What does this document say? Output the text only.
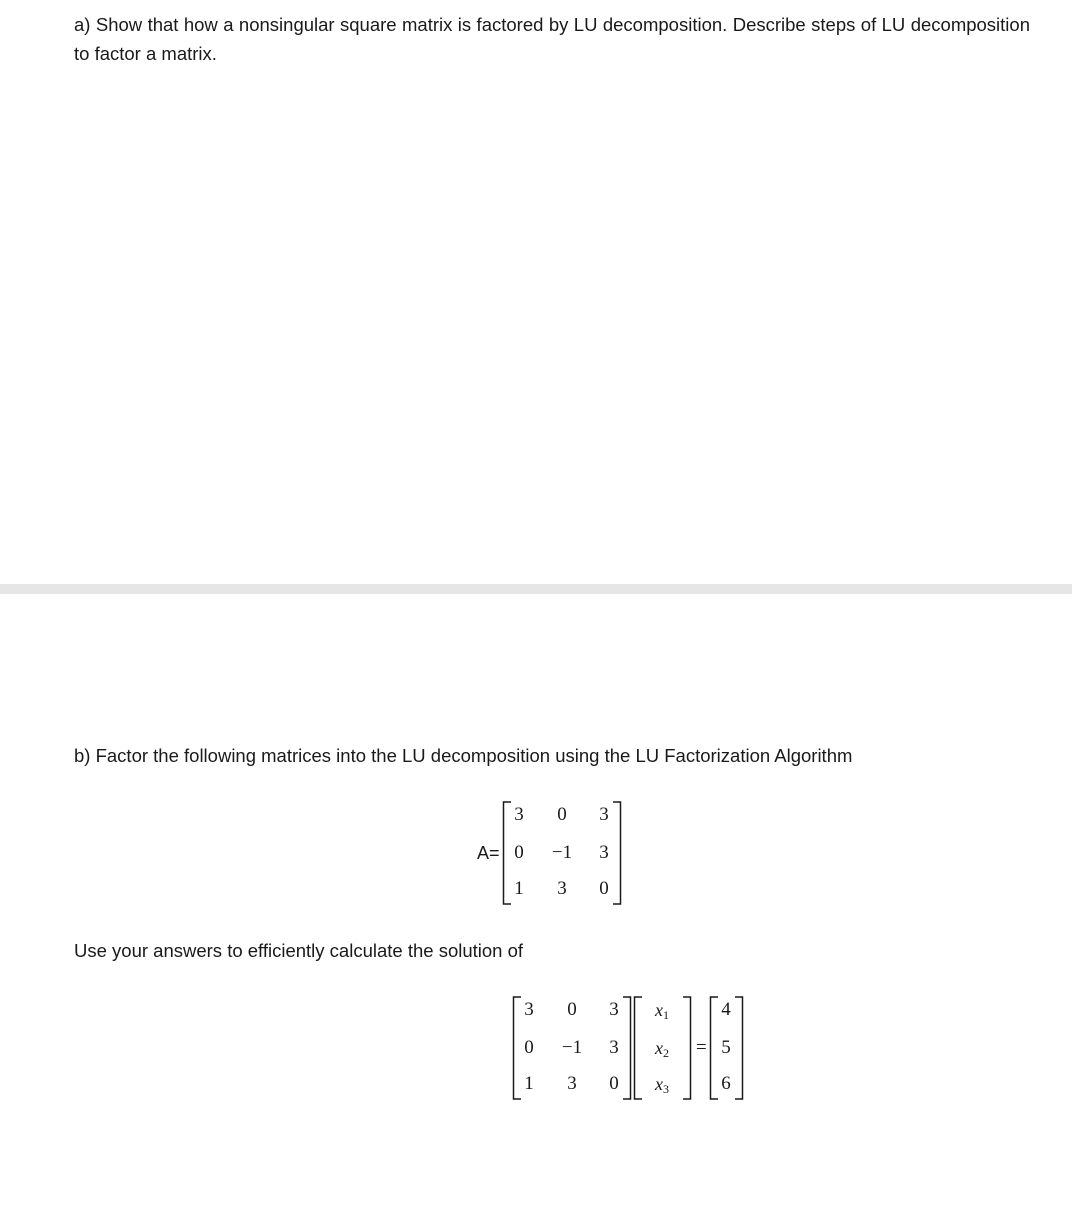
a) Show that how a nonsingular square matrix is factored by LU decomposition. Describe steps of LU decomposition to factor a matrix.
b) Factor the following matrices into the LU decomposition using the LU Factorization Algorithm
A=
3	0	3
0 −1 3
1	3	0
Use your answers to efficiently calculate the solution of
3	0	3
0 −1 3
1	3	0
$x_1$
$x_2$
$x_3$
=
4
5
6
